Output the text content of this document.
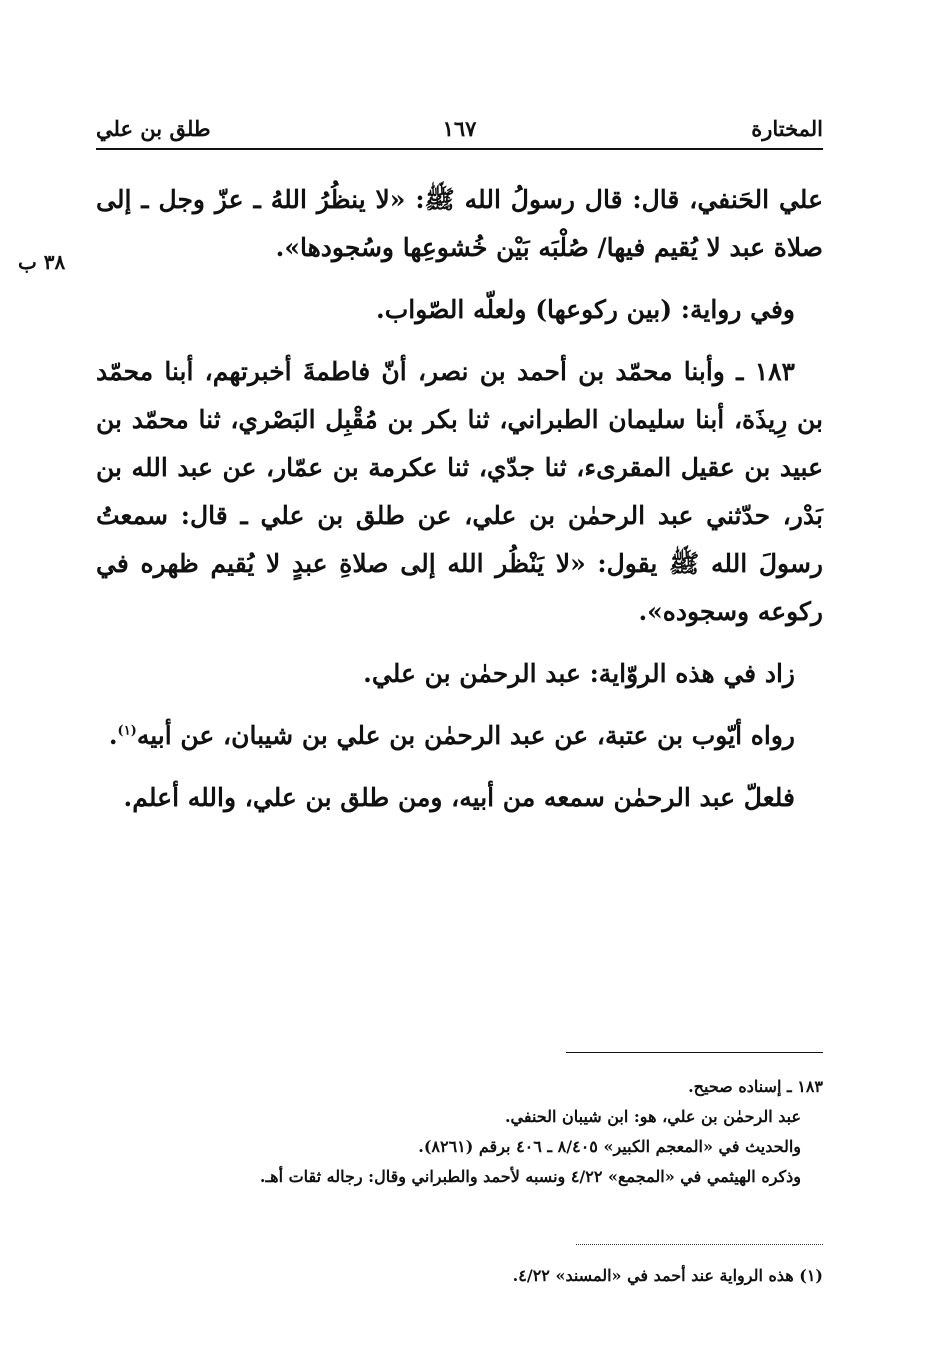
المختارة
١٦٧
طلق بن علي
٣٨ ب

علي الحَنفي، قال: قال رسولُ الله ﷺ: «لا ينظُرُ اللهُ ـ عزّ وجل ـ إلى صلاة عبد لا يُقيم فيها/ صُلْبَه بَيْن خُشوعِها وسُجودها».

وفي رواية: (بين ركوعها) ولعلّه الصّواب.

١٨٣ ـ وأبنا محمّد بن أحمد بن نصر، أنّ فاطمةَ أخبرتهم، أبنا محمّد بن رِيذَة، أبنا سليمان الطبراني، ثنا بكر بن مُقْبِل البَصْري، ثنا محمّد بن عبيد بن عقيل المقرىء، ثنا جدّي، ثنا عكرمة بن عمّار، عن عبد الله بن بَدْر، حدّثني عبد الرحمٰن بن علي، عن طلق بن علي ـ قال: سمعتُ رسولَ الله ﷺ يقول: «لا يَنْظُر الله إلى صلاةِ عبدٍ لا يُقيم ظهره في ركوعه وسجوده».

زاد في هذه الروّاية: عبد الرحمٰن بن علي.

رواه أيّوب بن عتبة، عن عبد الرحمٰن بن علي بن شيبان، عن أبيه$^{(١)}$.

فلعلّ عبد الرحمٰن سمعه من أبيه، ومن طلق بن علي، والله أعلم.

١٨٣ ـ إسناده صحيح.

عبد الرحمٰن بن علي، هو: ابن شيبان الحنفي.

والحديث في «المعجم الكبير» ٨/٤٠٥ ـ ٤٠٦ برقم (٨٢٦١).

وذكره الهيثمي في «المجمع» ٤/٢٢ ونسبه لأحمد والطبراني وقال: رجاله ثقات أهـ.

(١) هذه الرواية عند أحمد في «المسند» ٤/٢٢.
